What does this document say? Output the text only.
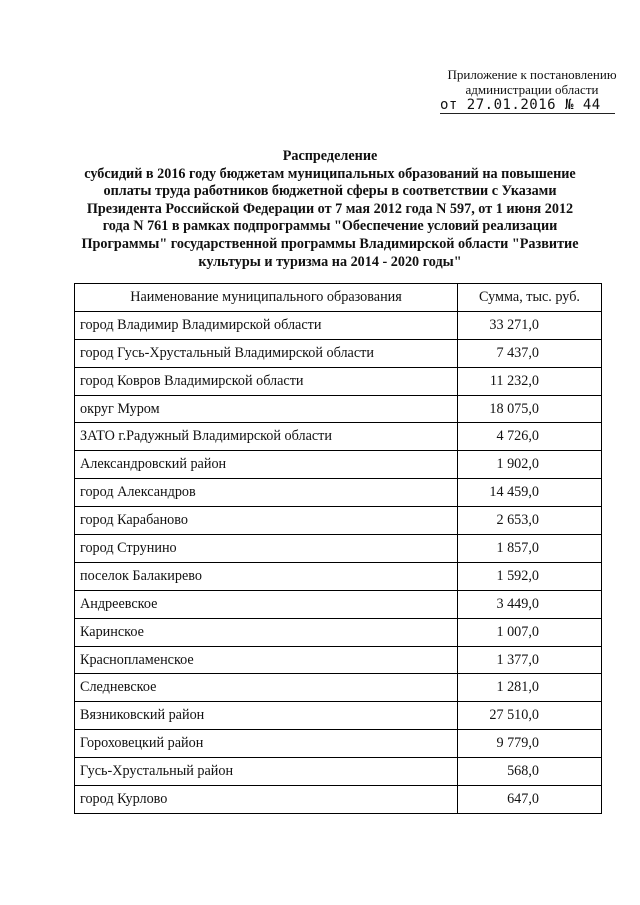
Приложение к постановлению
администрации области
от 27.01.2016 № 44
Распределение
субсидий в 2016 году бюджетам муниципальных образований на повышение
оплаты труда работников бюджетной сферы в соответствии с Указами
Президента Российской Федерации от 7 мая 2012 года N 597, от 1 июня 2012
года N 761 в рамках подпрограммы "Обеспечение условий реализации
Программы" государственной программы Владимирской области "Развитие
культуры и туризма на 2014 - 2020 годы"
Наименование муниципального образования	Сумма, тыс. руб.
город Владимир Владимирской области	33 271,0
город Гусь-Хрустальный Владимирской области	7 437,0
город Ковров Владимирской области	11 232,0
округ Муром	18 075,0
ЗАТО г.Радужный Владимирской области	4 726,0
Александровский район	1 902,0
город Александров	14 459,0
город Карабаново	2 653,0
город Струнино	1 857,0
поселок Балакирево	1 592,0
Андреевское	3 449,0
Каринское	1 007,0
Краснопламенское	1 377,0
Следневское	1 281,0
Вязниковский район	27 510,0
Гороховецкий район	9 779,0
Гусь-Хрустальный район	568,0
город Курлово	647,0
